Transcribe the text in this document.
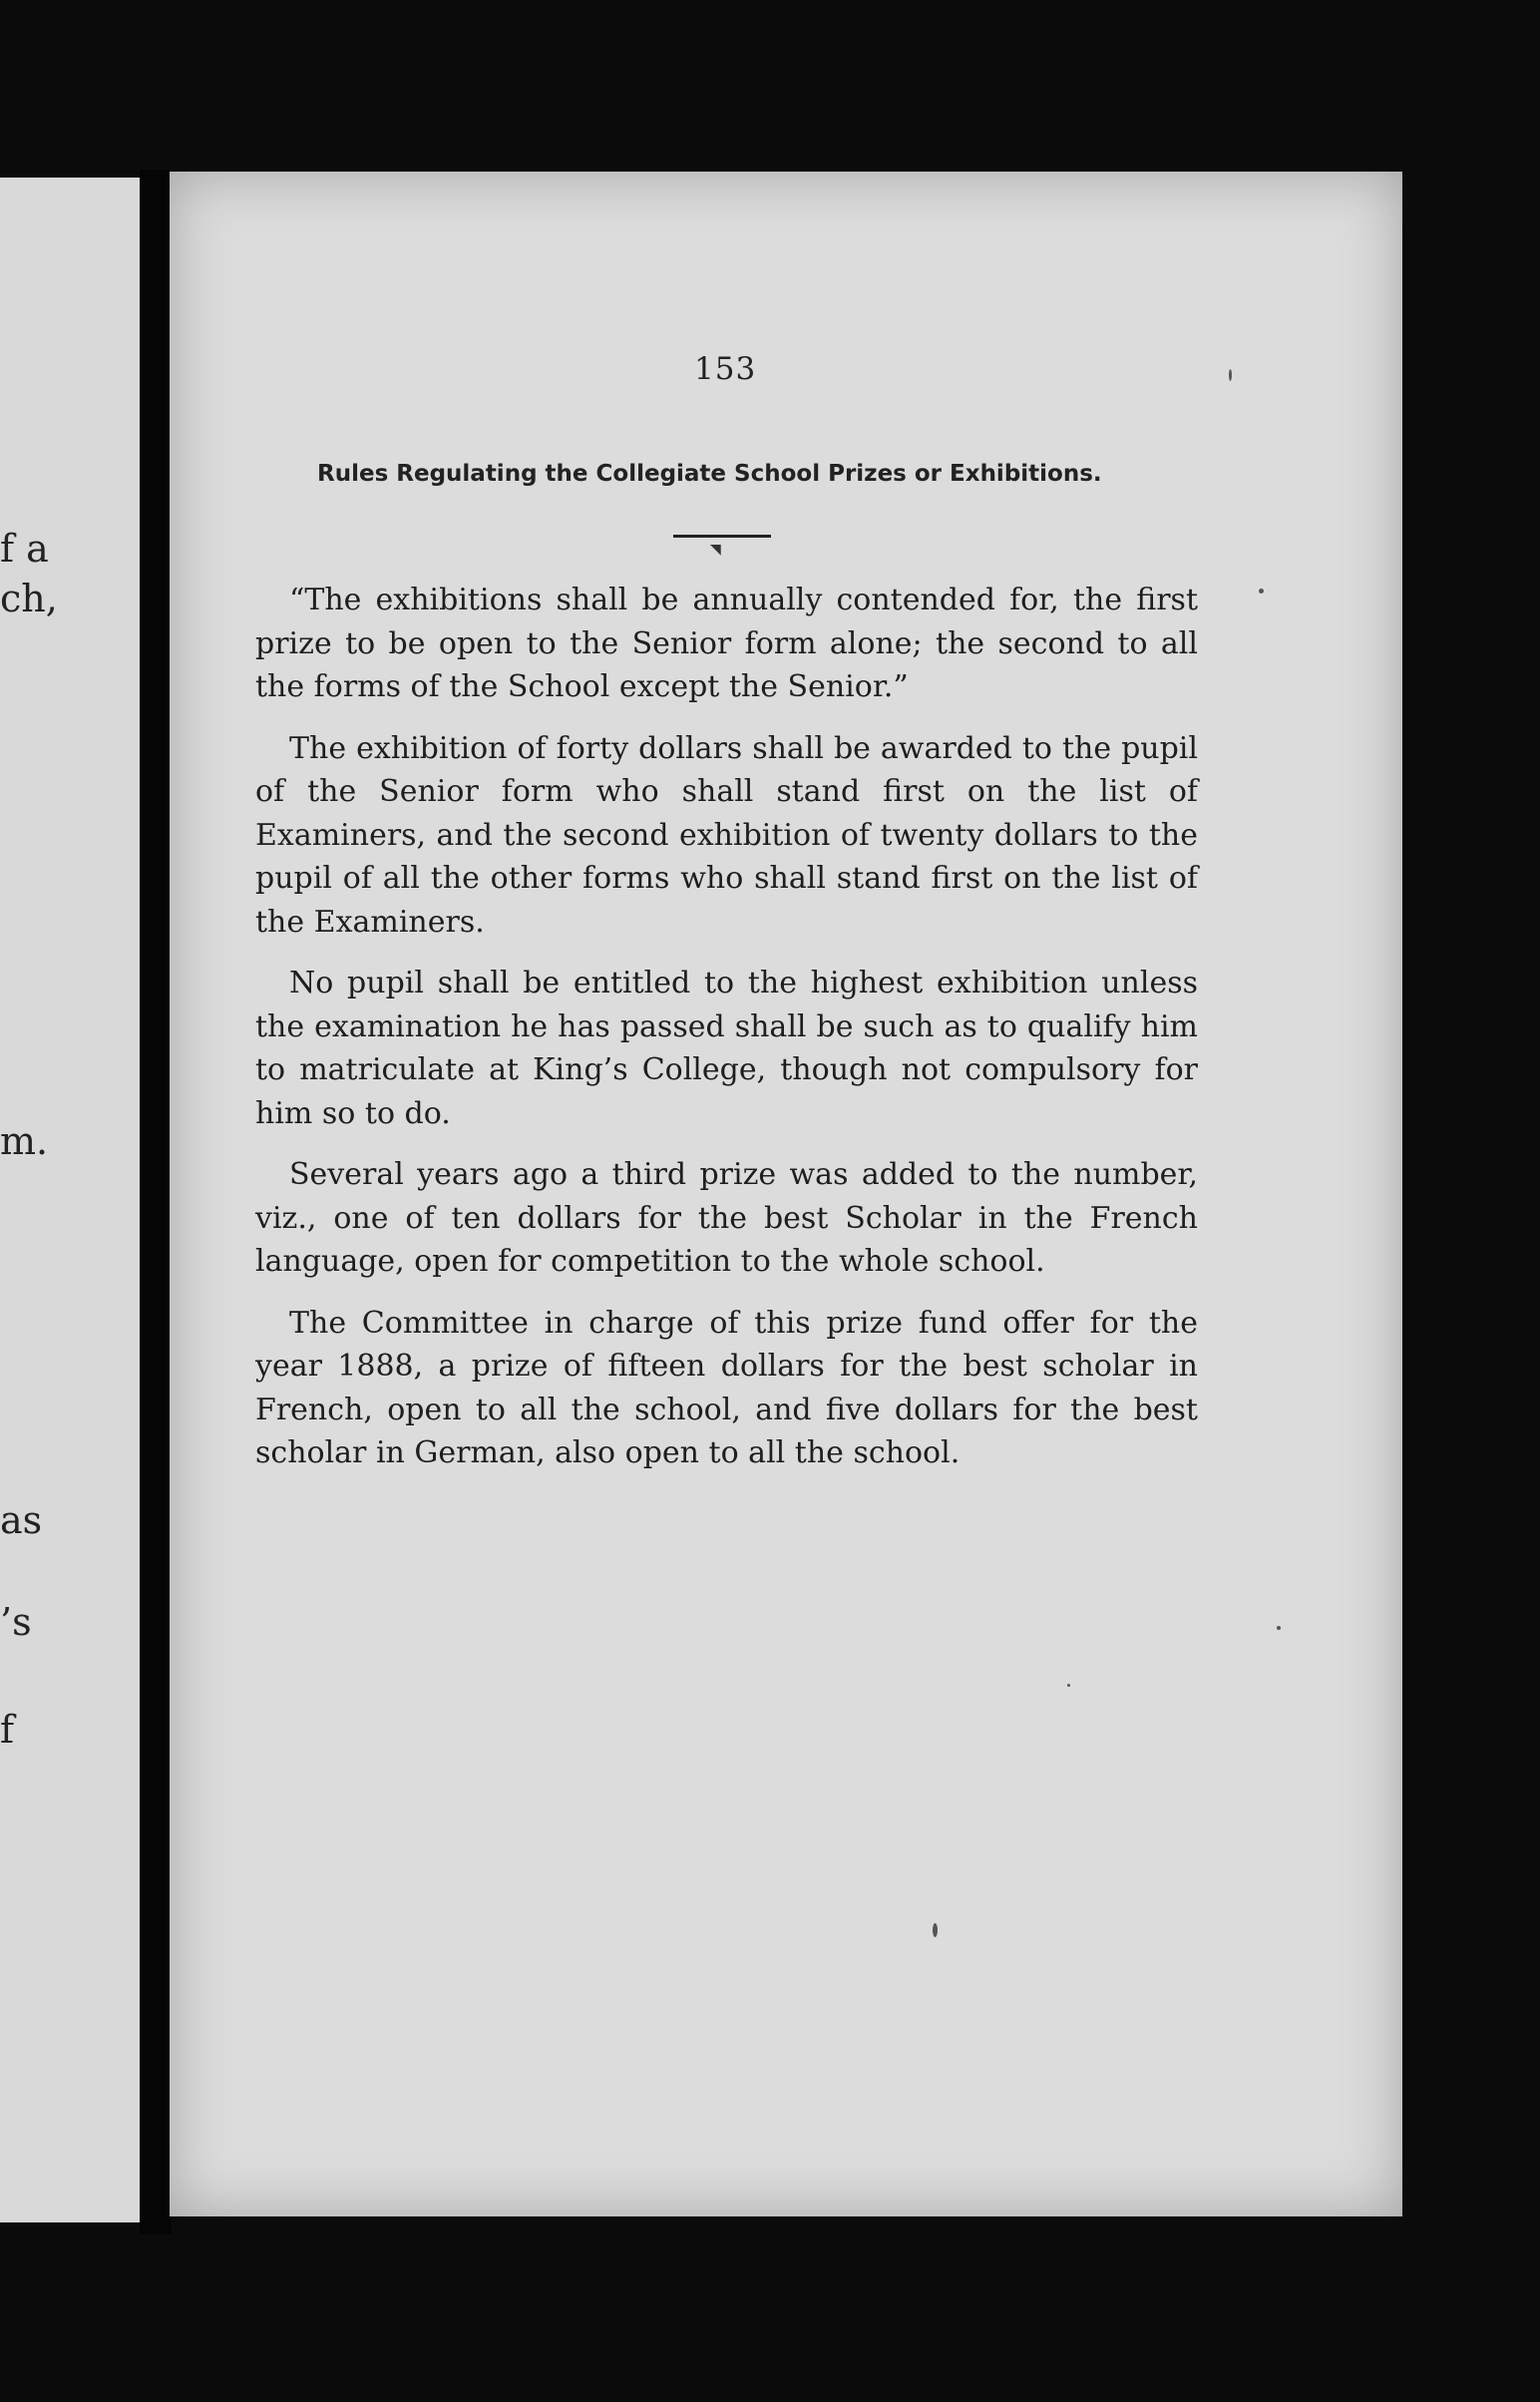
f a
ch,
m.
as
’s
f
153
Rules Regulating the Collegiate School Prizes or Exhibitions.
◥

“The exhibitions shall be annually contended for, the first prize to be open to the Senior form alone; the second to all the forms of the School except the Senior.”

The exhibition of forty dollars shall be awarded to the pupil of the Senior form who shall stand first on the list of Examiners, and the second exhibition of twenty dollars to the pupil of all the other forms who shall stand first on the list of the Examiners.

No pupil shall be entitled to the highest exhibition unless the examination he has passed shall be such as to qualify him to matriculate at King’s College, though not compulsory for him so to do.

Several years ago a third prize was added to the number, viz., one of ten dollars for the best Scholar in the French language, open for competition to the whole school.

The Committee in charge of this prize fund offer for the year 1888, a prize of fifteen dollars for the best scholar in French, open to all the school, and five dollars for the best scholar in German, also open to all the school.
